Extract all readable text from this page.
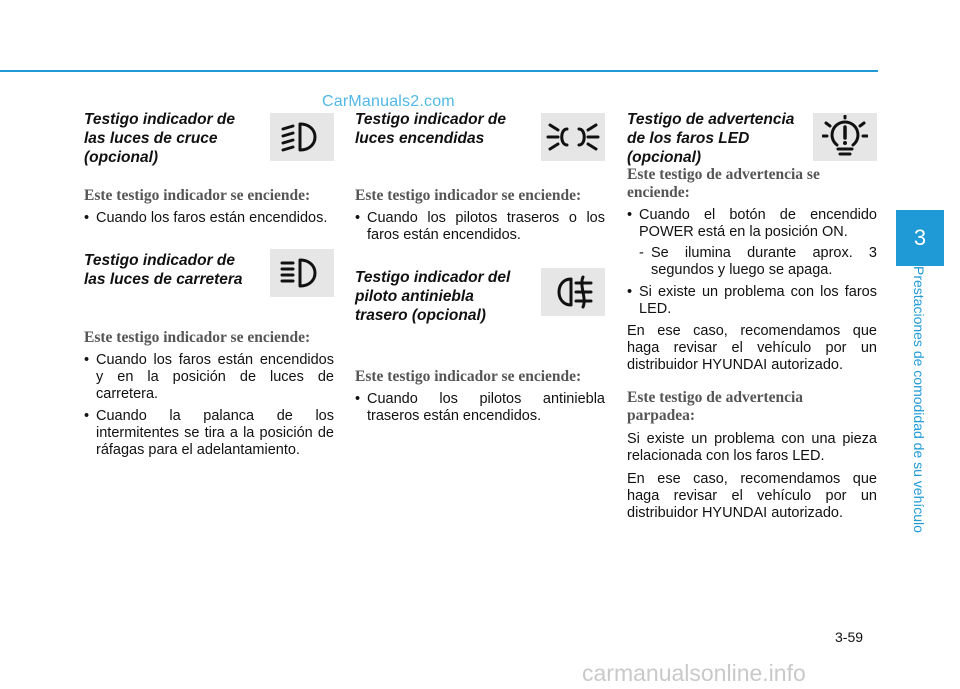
CarManuals2.com

Testigo indicador de las luces de cruce (opcional)

Este testigo indicador se enciende:

• Cuando los faros están encendidos.

Testigo indicador de las luces de carretera

Este testigo indicador se enciende:

• Cuando los faros están encendidos y en la posición de luces de carretera.
• Cuando la palanca de los intermitentes se tira a la posición de ráfagas para el adelantamiento.

Testigo indicador de luces encendidas

Este testigo indicador se enciende:

• Cuando los pilotos traseros o los faros están encendidos.

Testigo indicador del piloto antiniebla trasero (opcional)

Este testigo indicador se enciende:

• Cuando los pilotos antiniebla traseros están encendidos.

Testigo de advertencia de los faros LED (opcional)

Este testigo de advertencia se enciende:

• Cuando el botón de encendido POWER está en la posición ON.
- Se ilumina durante aprox. 3 segundos y luego se apaga.
• Si existe un problema con los faros LED.

En ese caso, recomendamos que haga revisar el vehículo por un distribuidor HYUNDAI autorizado.

Este testigo de advertencia parpadea:

Si existe un problema con una pieza relacionada con los faros LED.

En ese caso, recomendamos que haga revisar el vehículo por un distribuidor HYUNDAI autorizado.

3
Prestaciones de comodidad de su vehículo
3-59
carmanualsonline.info
